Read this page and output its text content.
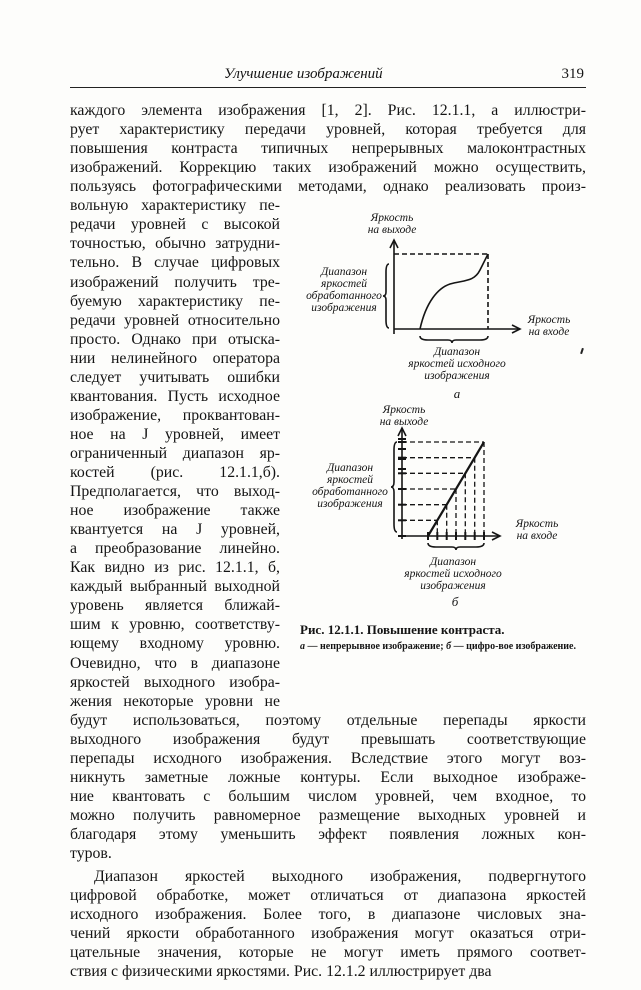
Улучшение изображений	319
каждого элемента изображения [1, 2]. Рис. 12.1.1, а иллюстри-
рует характеристику передачи уровней, которая требуется для
повышения контраста типичных непрерывных малоконтрастных
изображений. Коррекцию таких изображений можно осуществить,
пользуясь фотографическими методами, однако реализовать произ-
вольную характеристику пе-
редачи уровней с высокой
точностью, обычно затрудни-
тельно. В случае цифровых
изображений получить тре-
буемую характеристику пе-
редачи уровней относительно
просто. Однако при отыска-
нии нелинейного оператора
следует учитывать ошибки
квантования. Пусть исходное
изображение, проквантован-
ное на J уровней, имеет
ограниченный диапазон яр-
костей (рис. 12.1.1,б).
Предполагается, что выход-
ное изображение также
квантуется на J уровней,
а преобразование линейно.
Как видно из рис. 12.1.1, б,
каждый выбранный выходной
уровень является ближай-
шим к уровню, соответству-
ющему входному уровню.
Очевидно, что в диапазоне
яркостей выходного изобра-
жения некоторые уровни не
будут использоваться, поэтому отдельные перепады яркости
выходного изображения будут превышать соответствующие
перепады исходного изображения. Вследствие этого могут воз-
никнуть заметные ложные контуры. Если выходное изображе-
ние квантовать с большим числом уровней, чем входное, то
можно получить равномерное размещение выходных уровней и
благодаря этому уменьшить эффект появления ложных кон-
туров.
Диапазон яркостей выходного изображения, подвергнутого
цифровой обработке, может отличаться от диапазона яркостей
исходного изображения. Более того, в диапазоне числовых зна-
чений яркости обработанного изображения могут оказаться отри-
цательные значения, которые не могут иметь прямого соответ-
ствия с физическими яркостями. Рис. 12.1.2 иллюстрирует два
Яркость
на выходе
Диапазон
яркостей
обработанного
изображения
Яркость
на входе
Диапазон
яркостей исходного
изображения
а
Яркость
на выходе
Диапазон
яркостей
обработанного
изображения
Яркость
на входе
Диапазон
яркостей исходного
изображения
б
Рис. 12.1.1. Повышение контраста.
а — непрерывное изображение; б — цифро-вое изображение.
